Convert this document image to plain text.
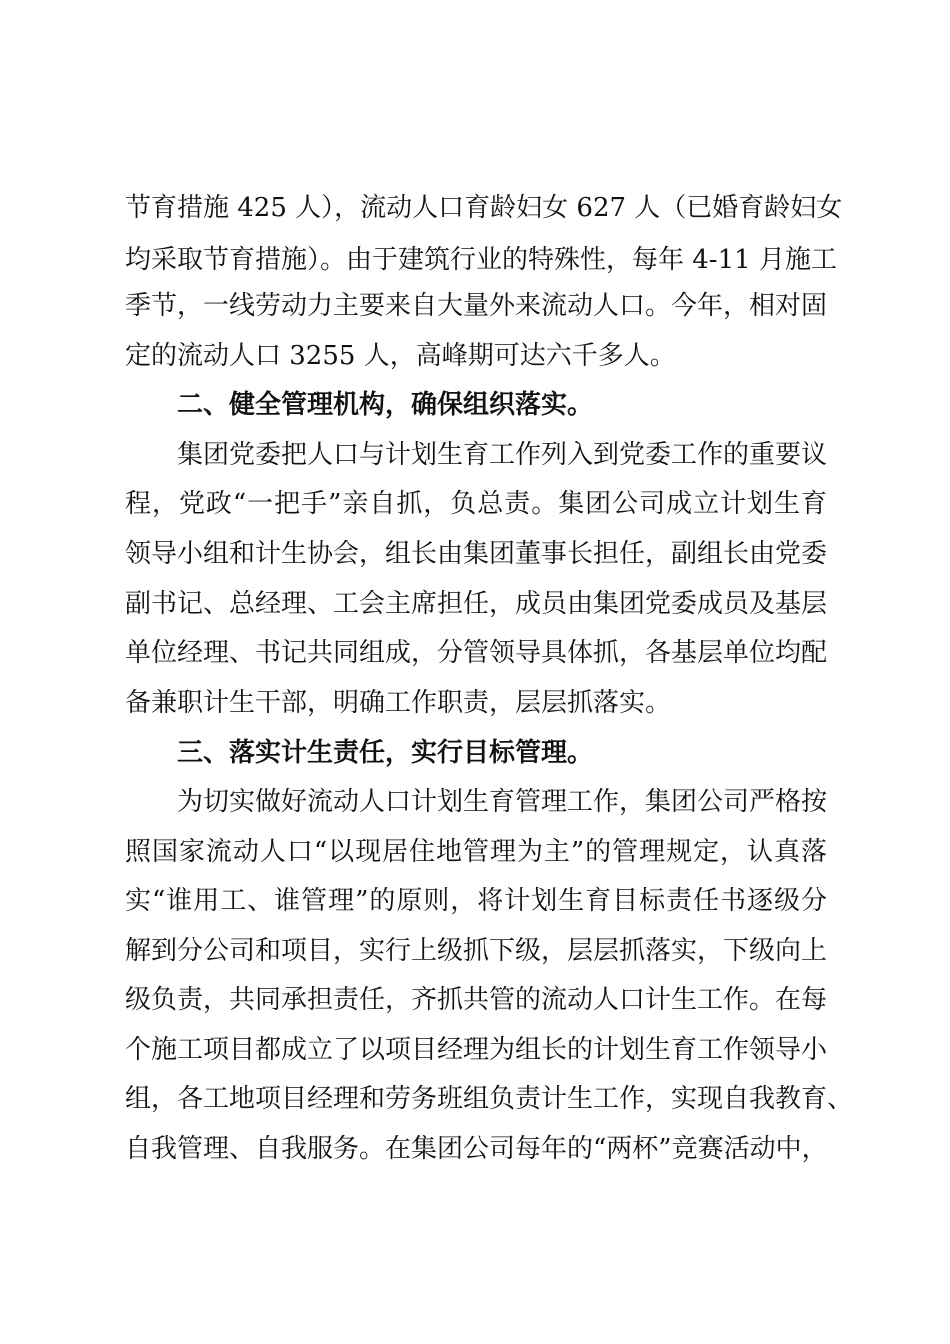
节育措施 425 人），流动人口育龄妇女 627 人（已婚育龄妇女
均采取节育措施）。由于建筑行业的特殊性，每年 4-11 月施工
季节，一线劳动力主要来自大量外来流动人口。今年，相对固
定的流动人口 3255 人，高峰期可达六千多人。
二、健全管理机构，确保组织落实。
集团党委把人口与计划生育工作列入到党委工作的重要议
程，党政“一把手”亲自抓，负总责。集团公司成立计划生育
领导小组和计生协会，组长由集团董事长担任，副组长由党委
副书记、总经理、工会主席担任，成员由集团党委成员及基层
单位经理、书记共同组成，分管领导具体抓，各基层单位均配
备兼职计生干部，明确工作职责，层层抓落实。
三、落实计生责任，实行目标管理。
为切实做好流动人口计划生育管理工作，集团公司严格按
照国家流动人口“以现居住地管理为主”的管理规定，认真落
实“谁用工、谁管理”的原则，将计划生育目标责任书逐级分
解到分公司和项目，实行上级抓下级，层层抓落实，下级向上
级负责，共同承担责任，齐抓共管的流动人口计生工作。在每
个施工项目都成立了以项目经理为组长的计划生育工作领导小
组，各工地项目经理和劳务班组负责计生工作，实现自我教育、
自我管理、自我服务。在集团公司每年的“两杯”竞赛活动中，
